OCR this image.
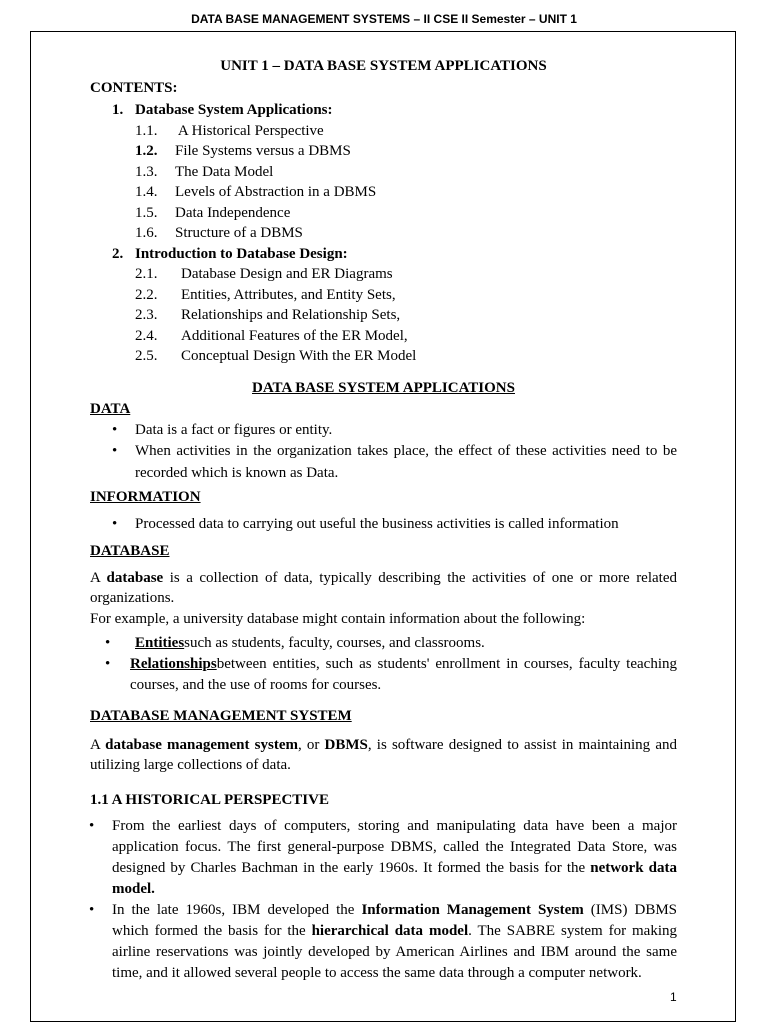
DATA BASE MANAGEMENT SYSTEMS – II CSE II Semester – UNIT 1
UNIT 1 – DATA BASE SYSTEM APPLICATIONS
CONTENTS:
1. Database System Applications:
1.1. A Historical Perspective
1.2. File Systems versus a DBMS
1.3. The Data Model
1.4. Levels of Abstraction in a DBMS
1.5. Data Independence
1.6. Structure of a DBMS
2. Introduction to Database Design:
2.1. Database Design and ER Diagrams
2.2. Entities, Attributes, and Entity Sets,
2.3. Relationships and Relationship Sets,
2.4. Additional Features of the ER Model,
2.5. Conceptual Design With the ER Model
DATA BASE SYSTEM APPLICATIONS
DATA
• Data is a fact or figures or entity.
• When activities in the organization takes place, the effect of these activities need to be recorded which is known as Data.
INFORMATION
• Processed data to carrying out useful the business activities is called information
DATABASE

A database is a collection of data, typically describing the activities of one or more related organizations.

For example, a university database might contain information about the following:

• Entitiessuch as students, faculty, courses, and classrooms.
• Relationshipsbetween entities, such as students' enrollment in courses, faculty teaching courses, and the use of rooms for courses.
DATABASE MANAGEMENT SYSTEM

A database management system, or DBMS, is software designed to assist in maintaining and utilizing large collections of data.

1.1 A HISTORICAL PERSPECTIVE
• From the earliest days of computers, storing and manipulating data have been a major application focus. The first general-purpose DBMS, called the Integrated Data Store, was designed by Charles Bachman in the early 1960s. It formed the basis for the network data model.
• In the late 1960s, IBM developed the Information Management System (IMS) DBMS which formed the basis for the hierarchical data model. The SABRE system for making airline reservations was jointly developed by American Airlines and IBM around the same time, and it allowed several people to access the same data through a computer network.
1
